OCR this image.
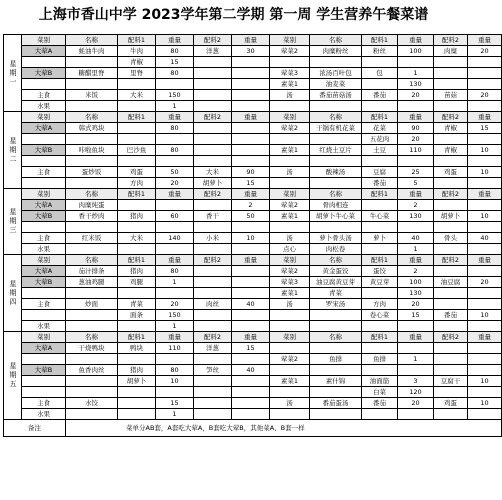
上海市香山中学 2023学年第二学期 第一周 学生营养午餐菜谱
星期一	菜别	名称	配料1	重量	配料2	重量	菜别	名称	配料1	重量	配料2	重量
	大荤A	蚝油牛肉	牛肉	80	洋葱	30	荤菜2	肉糜粉丝	粉丝	100	肉糜	20
			青椒	15								
	大荤B	糖醋里脊	里脊	80			荤菜3	浓汤百叶包	包	1		
							素菜1	油麦菜		130		
	主食	米饭	大米	150			汤	番茄苗菇汤	番茄	20	苗菇	20
	水果			1								
星期二	菜别	名称	配料1	重量	配料2	重量	菜别	名称	配料1	重量	配料2	重量
	大荤A	韩式鸡块		80			荤菜2	干锅有机花菜	花菜	90	青椒	15
									五花肉	20		
	大荤B	咔啦鱼块	巴沙鱼	80			素菜1	红烧土豆片	土豆	110	青椒	10

	主食	蛋炒饭	鸡蛋	50	大米	90	汤	酸辣汤	豆腐	25	鸡蛋	10
			方肉	20	胡萝卜	15			番茄	5		
星期三	菜别	名称	配料1	重量	配料2	重量	菜别	名称	配料1	重量	配料2	重量
	大荤A	肉糜炖蛋				2	荤菜2	骨肉相连		2		
	大荤B	香干炒肉	猪肉	60	香干	50	素菜1	胡萝卜牛心菜	牛心菜	130	胡萝卜	10

	主食	红米饭	大米	140	小米	10	汤	萝卜骨头汤	萝卜	40	骨头	40
	水果						点心	肉松卷		1		
星期四	菜别	名称	配料1	重量	配料2	重量	菜别	名称	配料1	重量	配料2	重量
	大荤A	茄汁排条	猪肉	80			荤菜2	黄金蛋饺	蛋饺	2		
	大荤B	葱油鸡腿	鸡腿	1			荤菜3	油豆腐黄豆芽	黄豆芽	100	油豆腐	20
							素菜1	青菜		130		
	主食	炒面	青菜	20	肉丝	40	汤	罗宋汤	方肉	20		
			面条	150					卷心菜	15	番茄	10
	水果			1								
星期五	菜别	名称	配料1	重量	配料2	重量	菜别	名称	配料1	重量	配料2	重量
	大荤A	干烧鸭块	鸭块	110	洋葱	15						
							荤菜2	鱼排	鱼排	1		
	大荤B	鱼香肉丝	猪肉	80	笋丝	40						
			胡萝卜	10			素菜1	素什锦	油面筋	3	豆腐干	10
									白菜	120		
	主食	水饺		15			汤	番茄蛋汤	番茄	20	鸡蛋	10
	水果			1								
备注		菜单分AB套，A套吃大荤A，B套吃大荤B，其他菜A、B套一样										
